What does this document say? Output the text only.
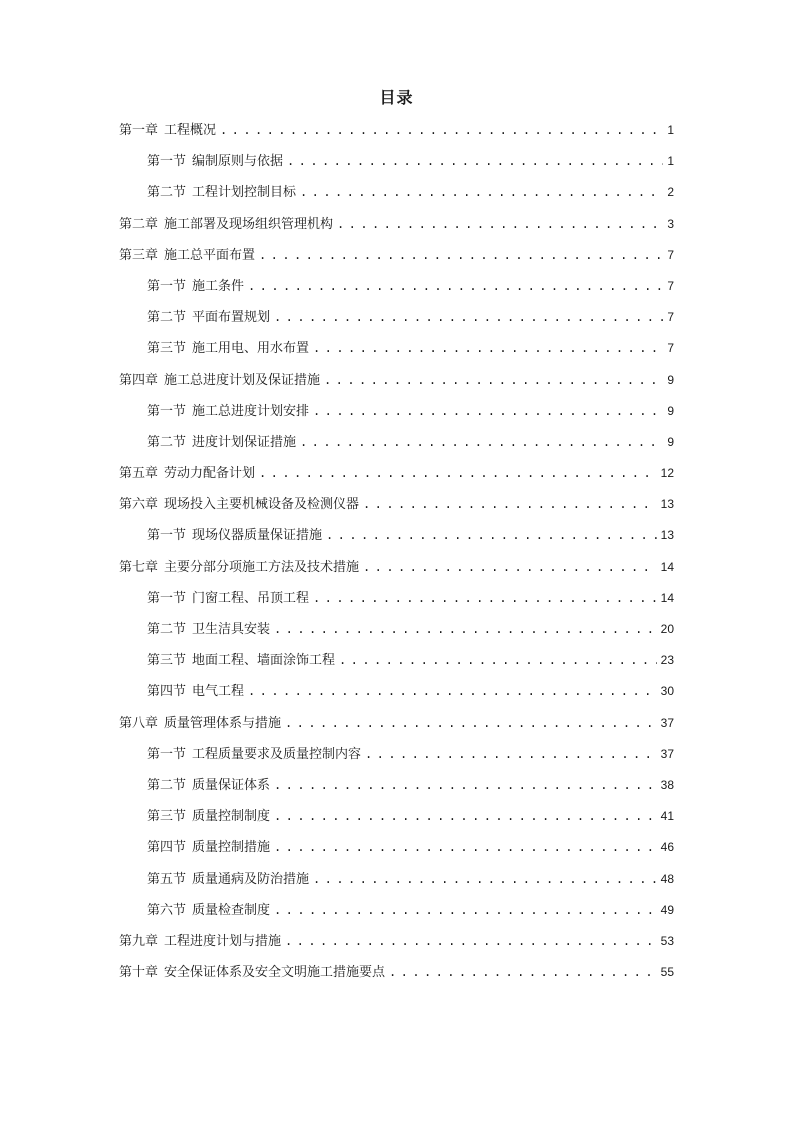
目录
第一章 工程概况 . . .	1
第一节 编制原则与依据 . . .	1
第二节 工程计划控制目标 . . .	2
第二章 施工部署及现场组织管理机构 . . .	3
第三章 施工总平面布置 . . .	7
第一节 施工条件 . . .	7
第二节 平面布置规划 . . .	7
第三节 施工用电、用水布置 . . .	7
第四章 施工总进度计划及保证措施 . . .	9
第一节 施工总进度计划安排 . . .	9
第二节 进度计划保证措施 . . .	9
第五章 劳动力配备计划 . . .	12
第六章 现场投入主要机械设备及检测仪器 . . .	13
第一节 现场仪器质量保证措施 . . .	13
第七章 主要分部分项施工方法及技术措施 . . .	14
第一节 门窗工程、吊顶工程 . . .	14
第二节 卫生洁具安装 . . .	20
第三节 地面工程、墙面涂饰工程 . . .	23
第四节 电气工程 . . .	30
第八章 质量管理体系与措施 . . .	37
第一节 工程质量要求及质量控制内容 . . .	37
第二节 质量保证体系 . . .	38
第三节 质量控制制度 . . .	41
第四节 质量控制措施 . . .	46
第五节 质量通病及防治措施 . . .	48
第六节 质量检查制度 . . .	49
第九章 工程进度计划与措施 . . .	53
第十章 安全保证体系及安全文明施工措施要点 . . .	55
